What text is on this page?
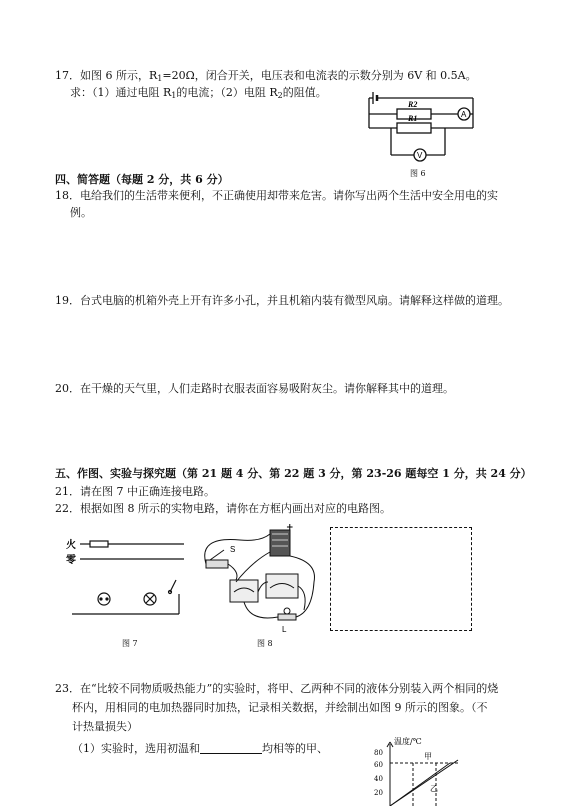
17．如图 6 所示，$R_1=20\Omega$，闭合开关，电压表和电流表的示数分别为 6V 和 0.5A。
求：（1）通过电阻 $R_1$的电流；（2）电阻 $R_2$的阻值。
R2
R1	A
V
图 6
四、简答题（每题 2 分，共 6 分）
18．电给我们的生活带来便利，不正确使用却带来危害。请你写出两个生活中安全用电的实
例。
19．台式电脑的机箱外壳上开有许多小孔，并且机箱内装有微型风扇。请解释这样做的道理。
20．在干燥的天气里，人们走路时衣服表面容易吸附灰尘。请你解释其中的道理。
五、作图、实验与探究题（第 21 题 4 分、第 22 题 3 分，第 23-26 题每空 1 分，共 24 分）
21．请在图 7 中正确连接电路。
22．根据如图 8 所示的实物电路，请你在方框内画出对应的电路图。
火
零
图 7
+
S
L
图 8
23．在“比较不同物质吸热能力”的实验时，将甲、乙两种不同的液体分别装入两个相同的烧
杯内，用相同的电加热器同时加热，记录相关数据，并绘制出如图 9 所示的图象。（不
计热量损失）
（1）实验时，选用初温和	均相等的甲、
温度/℃
80
60
40
20
甲
乙
